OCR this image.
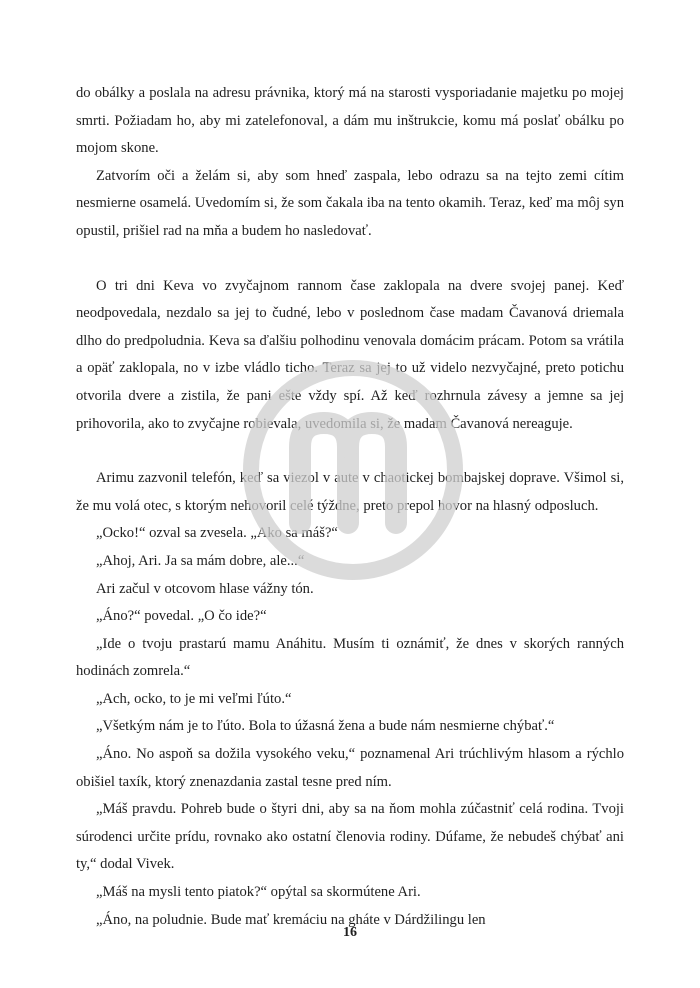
do obálky a poslala na adresu právnika, ktorý má na starosti vysporiadanie majetku po mojej smrti. Požiadam ho, aby mi zatelefonoval, a dám mu inštrukcie, komu má poslať obálku po mojom skone.

Zatvorím oči a želám si, aby som hneď zaspala, lebo odrazu sa na tejto zemi cítim nesmierne osamelá. Uvedomím si, že som čakala iba na tento okamih. Teraz, keď ma môj syn opustil, prišiel rad na mňa a budem ho nasledovať.

O tri dni Keva vo zvyčajnom rannom čase zaklopala na dvere svojej panej. Keď neodpovedala, nezdalo sa jej to čudné, lebo v poslednom čase madam Čavanová driemala dlho do predpoludnia. Keva sa ďalšiu polhodinu venovala domácim prácam. Potom sa vrátila a opäť zaklopala, no v izbe vládlo ticho. Teraz sa jej to už videlo nezvyčajné, preto potichu otvorila dvere a zistila, že pani ešte vždy spí. Až keď rozhrnula závesy a jemne sa jej prihovorila, ako to zvyčajne robievala, uvedomila si, že madam Čavanová nereaguje.

Arimu zazvonil telefón, keď sa viezol v aute v chaotickej bombajskej doprave. Všimol si, že mu volá otec, s ktorým nehovoril celé týždne, preto prepol hovor na hlasný odposluch.

„Ocko!“ ozval sa zvesela. „Ako sa máš?“

„Ahoj, Ari. Ja sa mám dobre, ale...“

Ari začul v otcovom hlase vážny tón.

„Áno?“ povedal. „O čo ide?“

„Ide o tvoju prastarú mamu Anáhitu. Musím ti oznámiť, že dnes v skorých ranných hodinách zomrela.“

„Ach, ocko, to je mi veľmi ľúto.“

„Všetkým nám je to ľúto. Bola to úžasná žena a bude nám nesmierne chýbať.“

„Áno. No aspoň sa dožila vysokého veku,“ poznamenal Ari trúchlivým hlasom a rýchlo obišiel taxík, ktorý znenazdania zastal tesne pred ním.

„Máš pravdu. Pohreb bude o štyri dni, aby sa na ňom mohla zúčastniť celá rodina. Tvoji súrodenci určite prídu, rovnako ako ostatní členovia rodiny. Dúfame, že nebudeš chýbať ani ty,“ dodal Vivek.

„Máš na mysli tento piatok?“ opýtal sa skormútene Ari.

„Áno, na poludnie. Bude mať kremáciu na gháte v Dárdžilingu len

16
